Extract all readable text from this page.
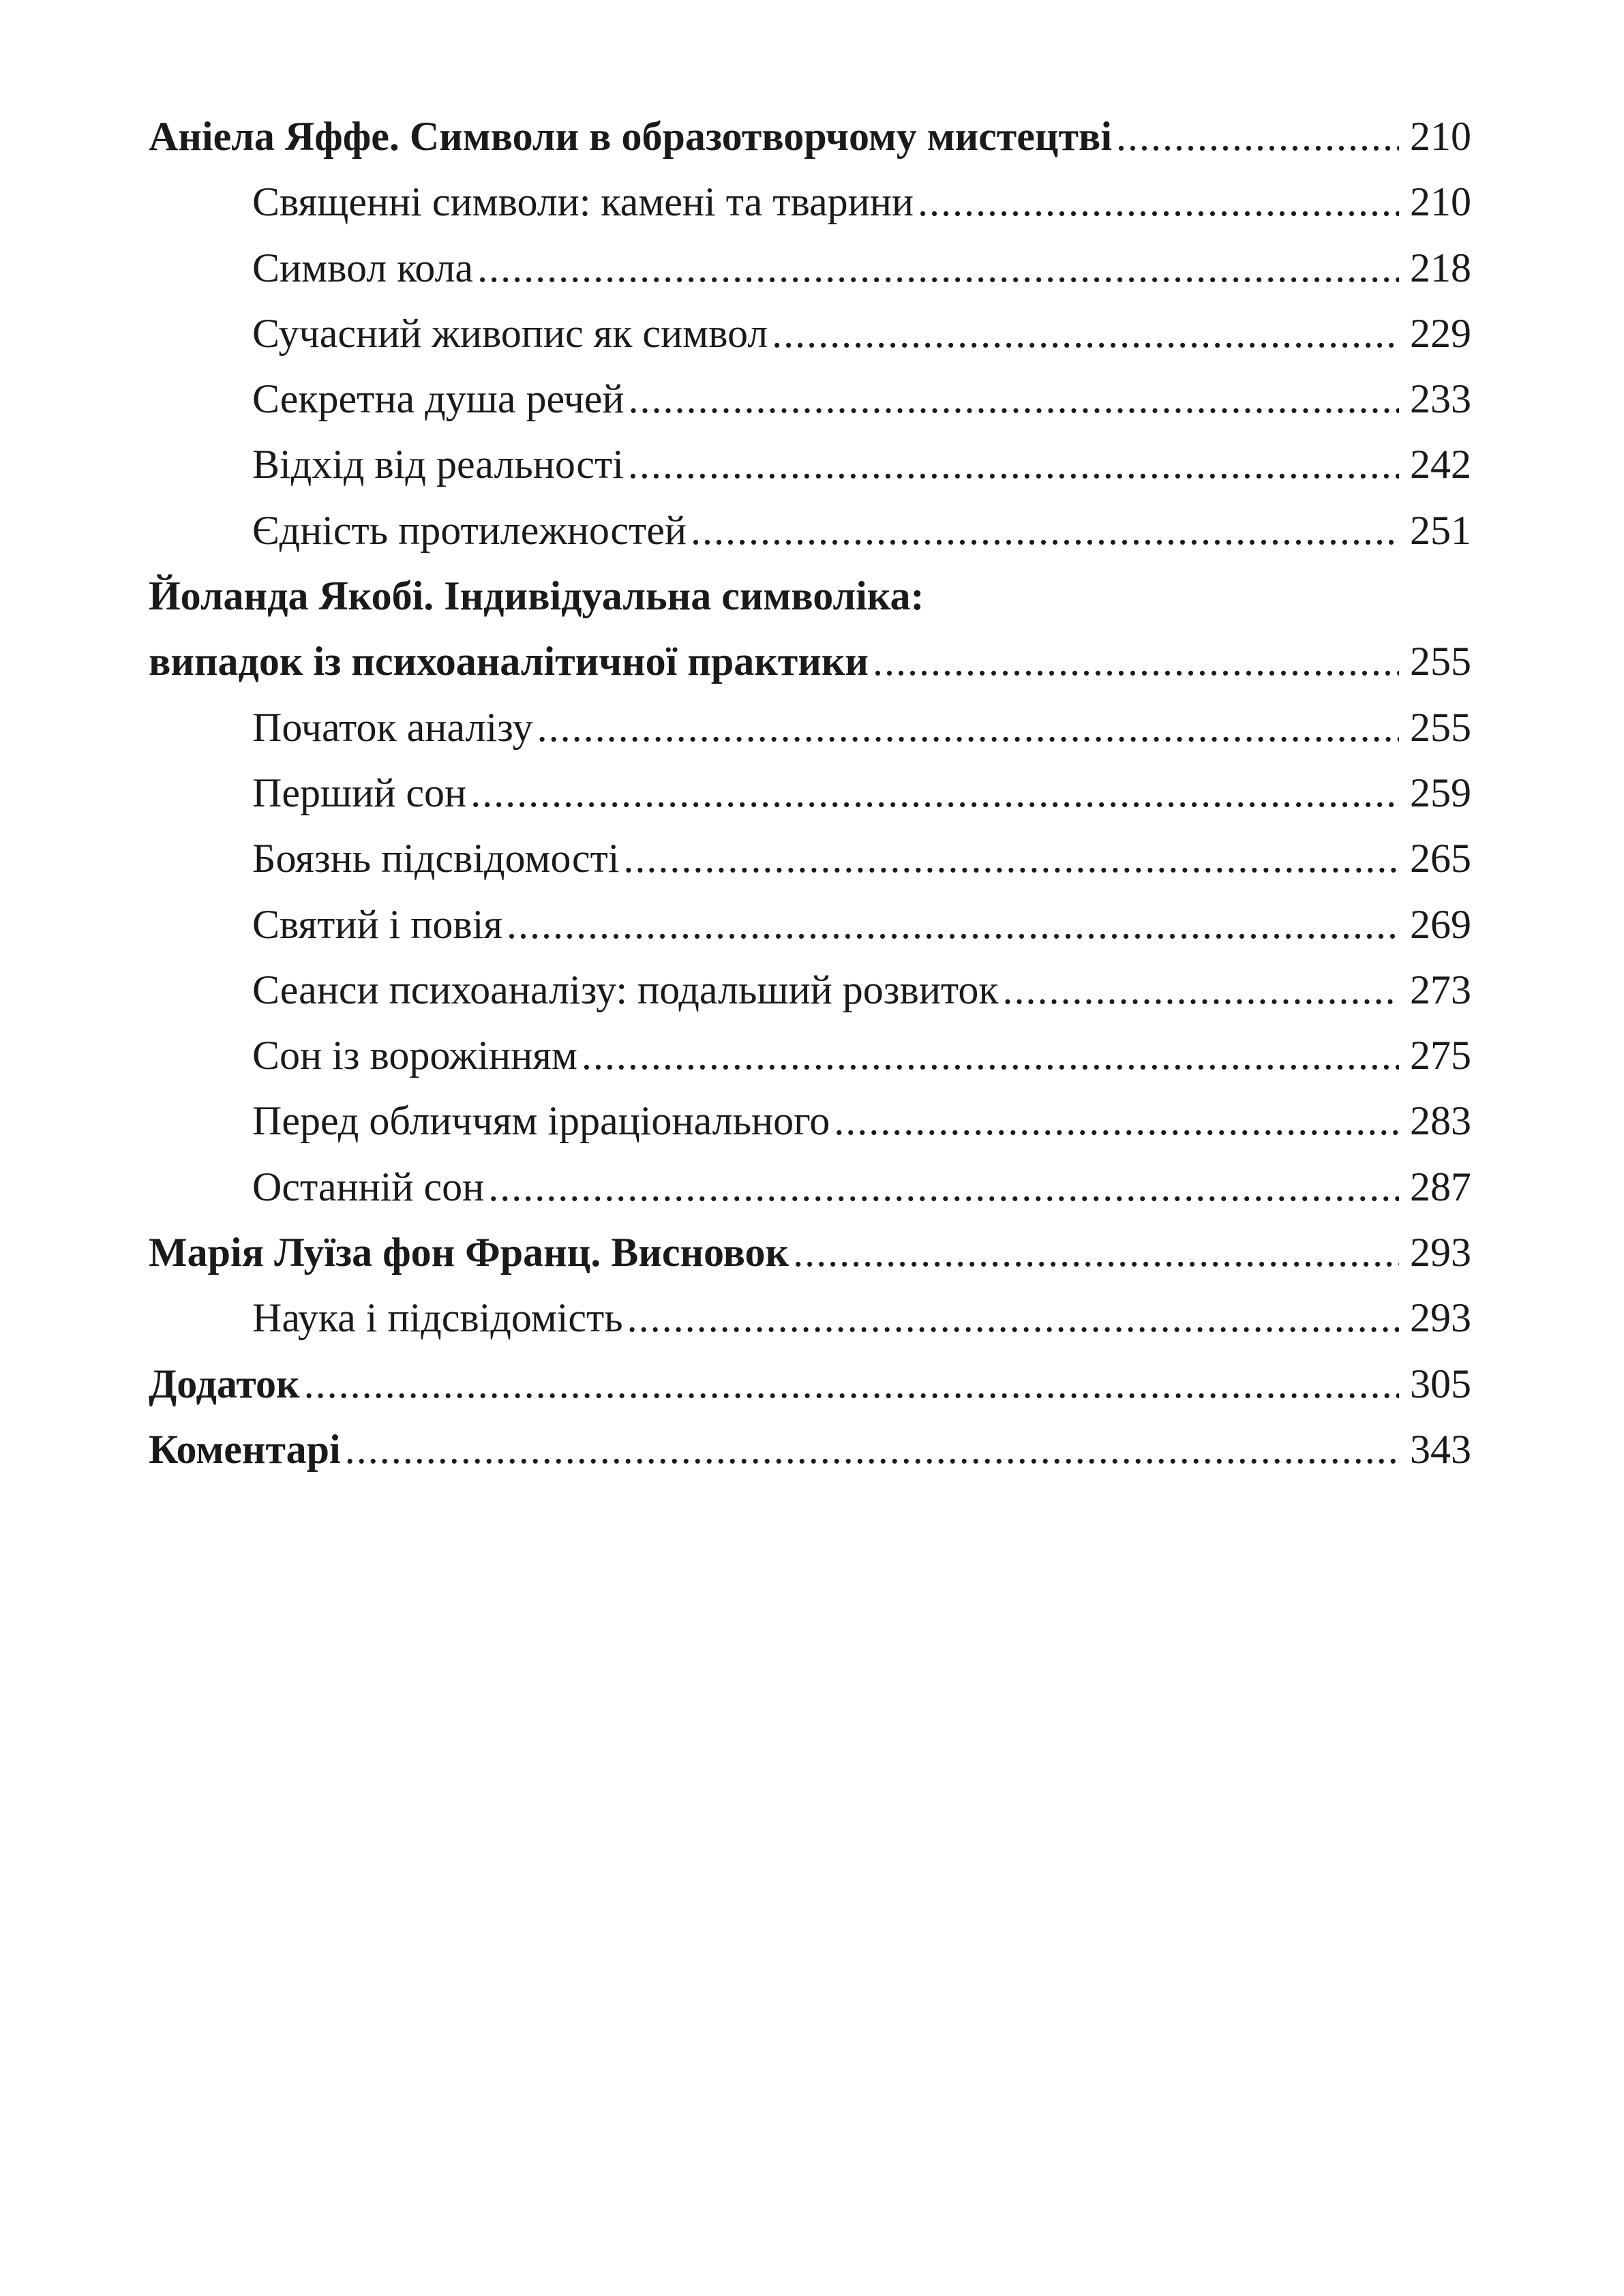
Аніела Яффе. Символи в образотворчому мистецтві .....	210
Священні символи: камені та тварини .....	210
Символ кола .....	218
Сучасний живопис як символ .....	229
Секретна душа речей .....	233
Відхід від реальності .....	242
Єдність протилежностей .....	251
Йоланда Якобі. Індивідуальна символіка:
випадок із психоаналітичної практики .....	255
Початок аналізу .....	255
Перший сон .....	259
Боязнь підсвідомості .....	265
Святий і повія .....	269
Сеанси психоаналізу: подальший розвиток .....	273
Сон із ворожінням .....	275
Перед обличчям ірраціонального .....	283
Останній сон .....	287
Марія Луїза фон Франц. Висновок .....	293
Наука і підсвідомість .....	293
Додаток .....	305
Коментарі .....	343
